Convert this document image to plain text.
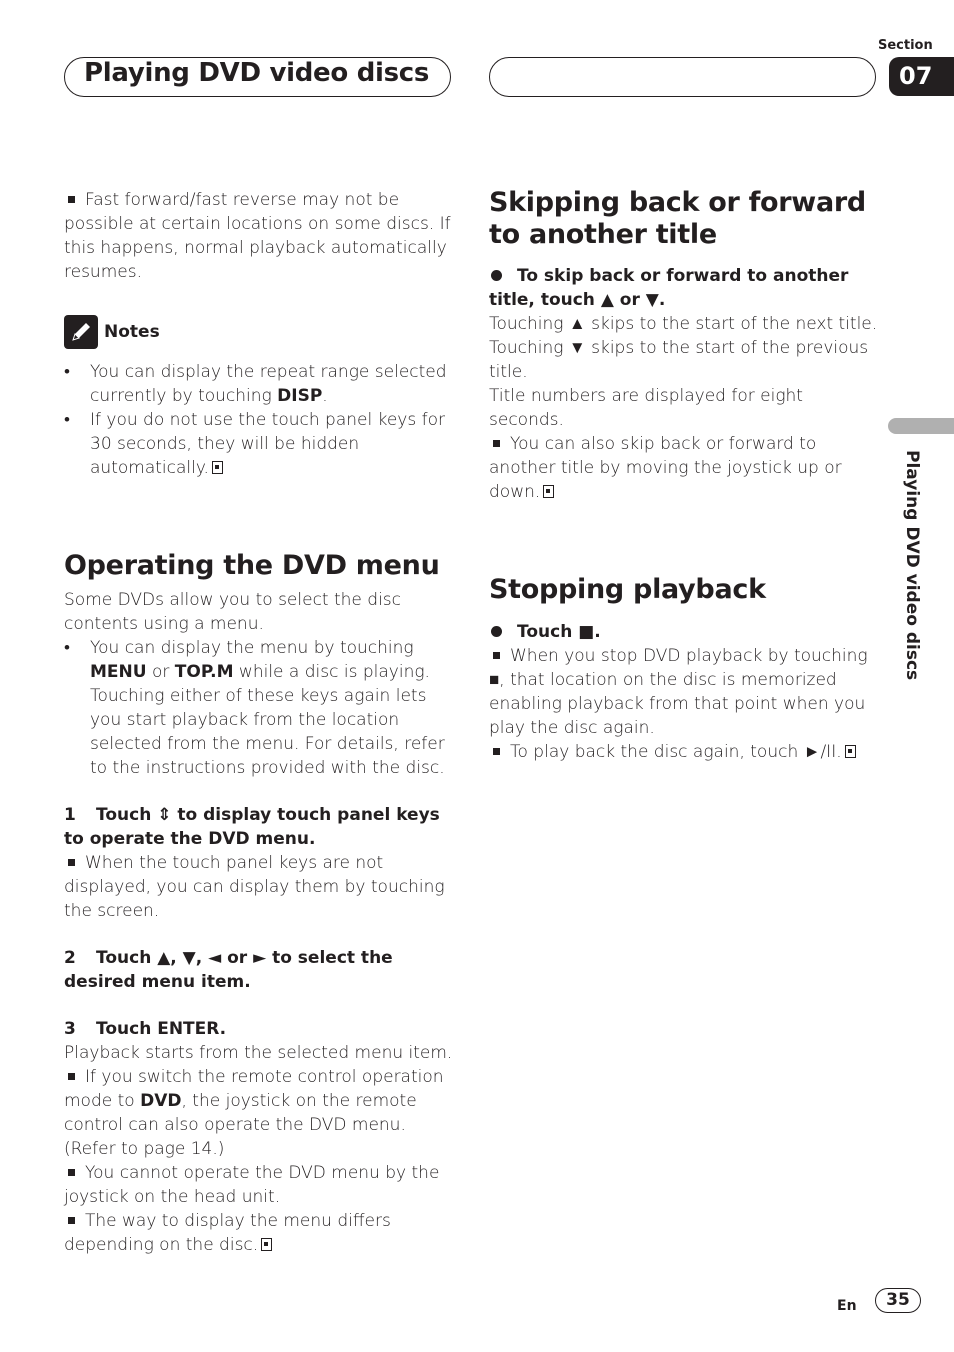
Playing DVD video discs
Section
07
Playing DVD video discs

Fast forward/fast reverse may not be possible at certain locations on some discs. If this happens, normal playback automatically resumes.

Notes

• You can display the repeat range selected currently by touching DISP.

• If you do not use the touch panel keys for 30 seconds, they will be hidden automatically.

Operating the DVD menu

Some DVDs allow you to select the disc contents using a menu.

• You can display the menu by touching MENU or TOP.M while a disc is playing. Touching either of these keys again lets you start playback from the location selected from the menu. For details, refer to the instructions provided with the disc.

1 Touch ⇕ to display touch panel keys to operate the DVD menu.

When the touch panel keys are not displayed, you can display them by touching the screen.

2 Touch ▲, ▼, ◄ or ► to select the desired menu item.

3 Touch ENTER.

Playback starts from the selected menu item.

If you switch the remote control operation mode to DVD, the joystick on the remote control can also operate the DVD menu. (Refer to page 14.)

You cannot operate the DVD menu by the joystick on the head unit.

The way to display the menu differs depending on the disc.

Skipping back or forward to another title

To skip back or forward to another title, touch ▲ or ▼.

Touching ▲ skips to the start of the next title. Touching ▼ skips to the start of the previous title.

Title numbers are displayed for eight seconds.

You can also skip back or forward to another title by moving the joystick up or down.

Stopping playback

Touch ■.

When you stop DVD playback by touching ■, that location on the disc is memorized enabling playback from that point when you play the disc again.

To play back the disc again, touch ►/II.

En	35
